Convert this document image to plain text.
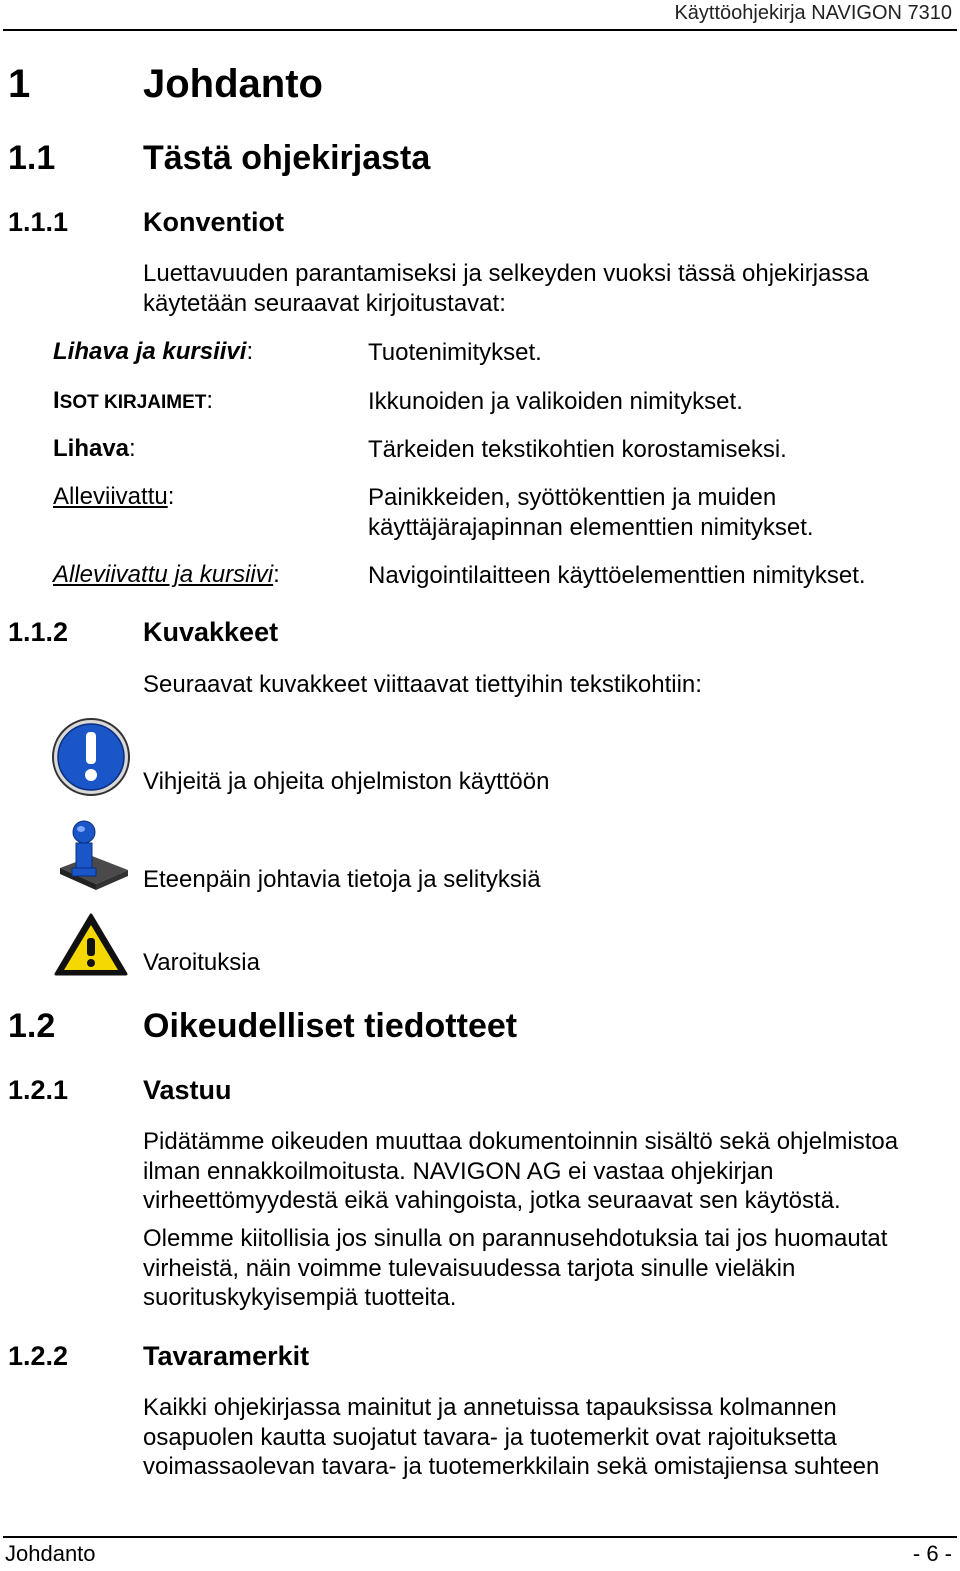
Käyttöohjekirja NAVIGON 7310
1	Johdanto
1.1	Tästä ohjekirjasta
1.1.1	Konventiot
Luettavuuden parantamiseksi ja selkeyden vuoksi tässä ohjekirjassa käytetään seuraavat kirjoitustavat:
Lihava ja kursiivi:	Tuotenimitykset.
ISOT KIRJAIMET:	Ikkunoiden ja valikoiden nimitykset.
Lihava:	Tärkeiden tekstikohtien korostamiseksi.
Alleviivattu:	Painikkeiden, syöttökenttien ja muiden käyttäjärajapinnan elementtien nimitykset.
Alleviivattu ja kursiivi:	Navigointilaitteen käyttöelementtien nimitykset.
1.1.2	Kuvakkeet
Seuraavat kuvakkeet viittaavat tiettyihin tekstikohtiin:
Vihjeitä ja ohjeita ohjelmiston käyttöön
Eteenpäin johtavia tietoja ja selityksiä
Varoituksia
1.2	Oikeudelliset tiedotteet
1.2.1	Vastuu
Pidätämme oikeuden muuttaa dokumentoinnin sisältö sekä ohjelmistoa ilman ennakkoilmoitusta. NAVIGON AG ei vastaa ohjekirjan virheettömyydestä eikä vahingoista, jotka seuraavat sen käytöstä.
Olemme kiitollisia jos sinulla on parannusehdotuksia tai jos huomautat virheistä, näin voimme tulevaisuudessa tarjota sinulle vieläkin suorituskykyisempiä tuotteita.
1.2.2	Tavaramerkit
Kaikki ohjekirjassa mainitut ja annetuissa tapauksissa kolmannen osapuolen kautta suojatut tavara- ja tuotemerkit ovat rajoituksetta voimassaolevan tavara- ja tuotemerkkilain sekä omistajiensa suhteen
Johdanto	- 6 -
